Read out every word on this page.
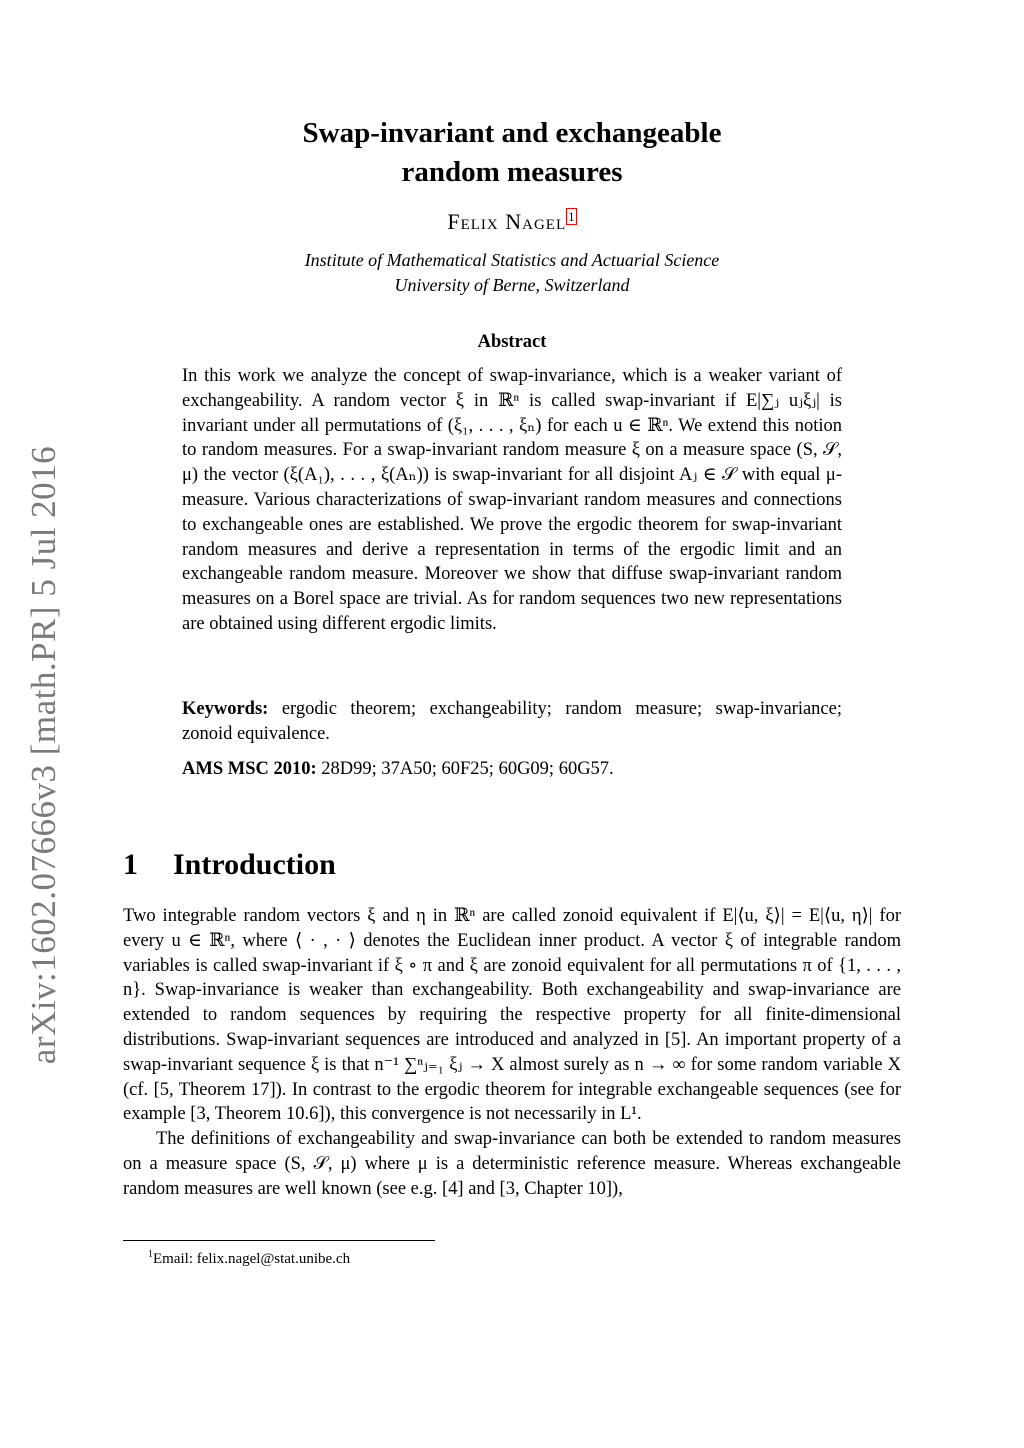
arXiv:1602.07666v3 [math.PR] 5 Jul 2016
Swap-invariant and exchangeable
random measures
Felix Nagel $^1$
Institute of Mathematical Statistics and Actuarial Science
University of Berne, Switzerland
Abstract
In this work we analyze the concept of swap-invariance, which is a weaker variant of exchangeability. A random vector ξ in ℝⁿ is called swap-invariant if E|∑ⱼ uⱼξⱼ| is invariant under all permutations of (ξ₁, . . . , ξₙ) for each u ∈ ℝⁿ. We extend this notion to random measures. For a swap-invariant random measure ξ on a measure space (S, 𝒮, μ) the vector (ξ(A₁), . . . , ξ(Aₙ)) is swap-invariant for all disjoint Aⱼ ∈ 𝒮 with equal μ-measure. Various characterizations of swap-invariant random measures and connections to exchangeable ones are established. We prove the ergodic theorem for swap-invariant random measures and derive a representation in terms of the ergodic limit and an exchangeable random measure. Moreover we show that diffuse swap-invariant random measures on a Borel space are trivial. As for random sequences two new representations are obtained using different ergodic limits.
Keywords: ergodic theorem; exchangeability; random measure; swap-invariance; zonoid equivalence.
AMS MSC 2010: 28D99; 37A50; 60F25; 60G09; 60G57.
1 Introduction

Two integrable random vectors ξ and η in ℝⁿ are called zonoid equivalent if E|⟨u, ξ⟩| = E|⟨u, η⟩| for every u ∈ ℝⁿ, where ⟨ · , · ⟩ denotes the Euclidean inner product. A vector ξ of integrable random variables is called swap-invariant if ξ ∘ π and ξ are zonoid equivalent for all permutations π of {1, . . . , n}. Swap-invariance is weaker than exchangeability. Both exchangeability and swap-invariance are extended to random sequences by requiring the respective property for all finite-dimensional distributions. Swap-invariant sequences are introduced and analyzed in [5]. An important property of a swap-invariant sequence ξ is that n⁻¹ ∑ⁿⱼ₌₁ ξⱼ → X almost surely as n → ∞ for some random variable X (cf. [5, Theorem 17]). In contrast to the ergodic theorem for integrable exchangeable sequences (see for example [3, Theorem 10.6]), this convergence is not necessarily in L¹.

The definitions of exchangeability and swap-invariance can both be extended to random measures on a measure space (S, 𝒮, μ) where μ is a deterministic reference measure. Whereas exchangeable random measures are well known (see e.g. [4] and [3, Chapter 10]),

$^1$Email: felix.nagel@stat.unibe.ch
